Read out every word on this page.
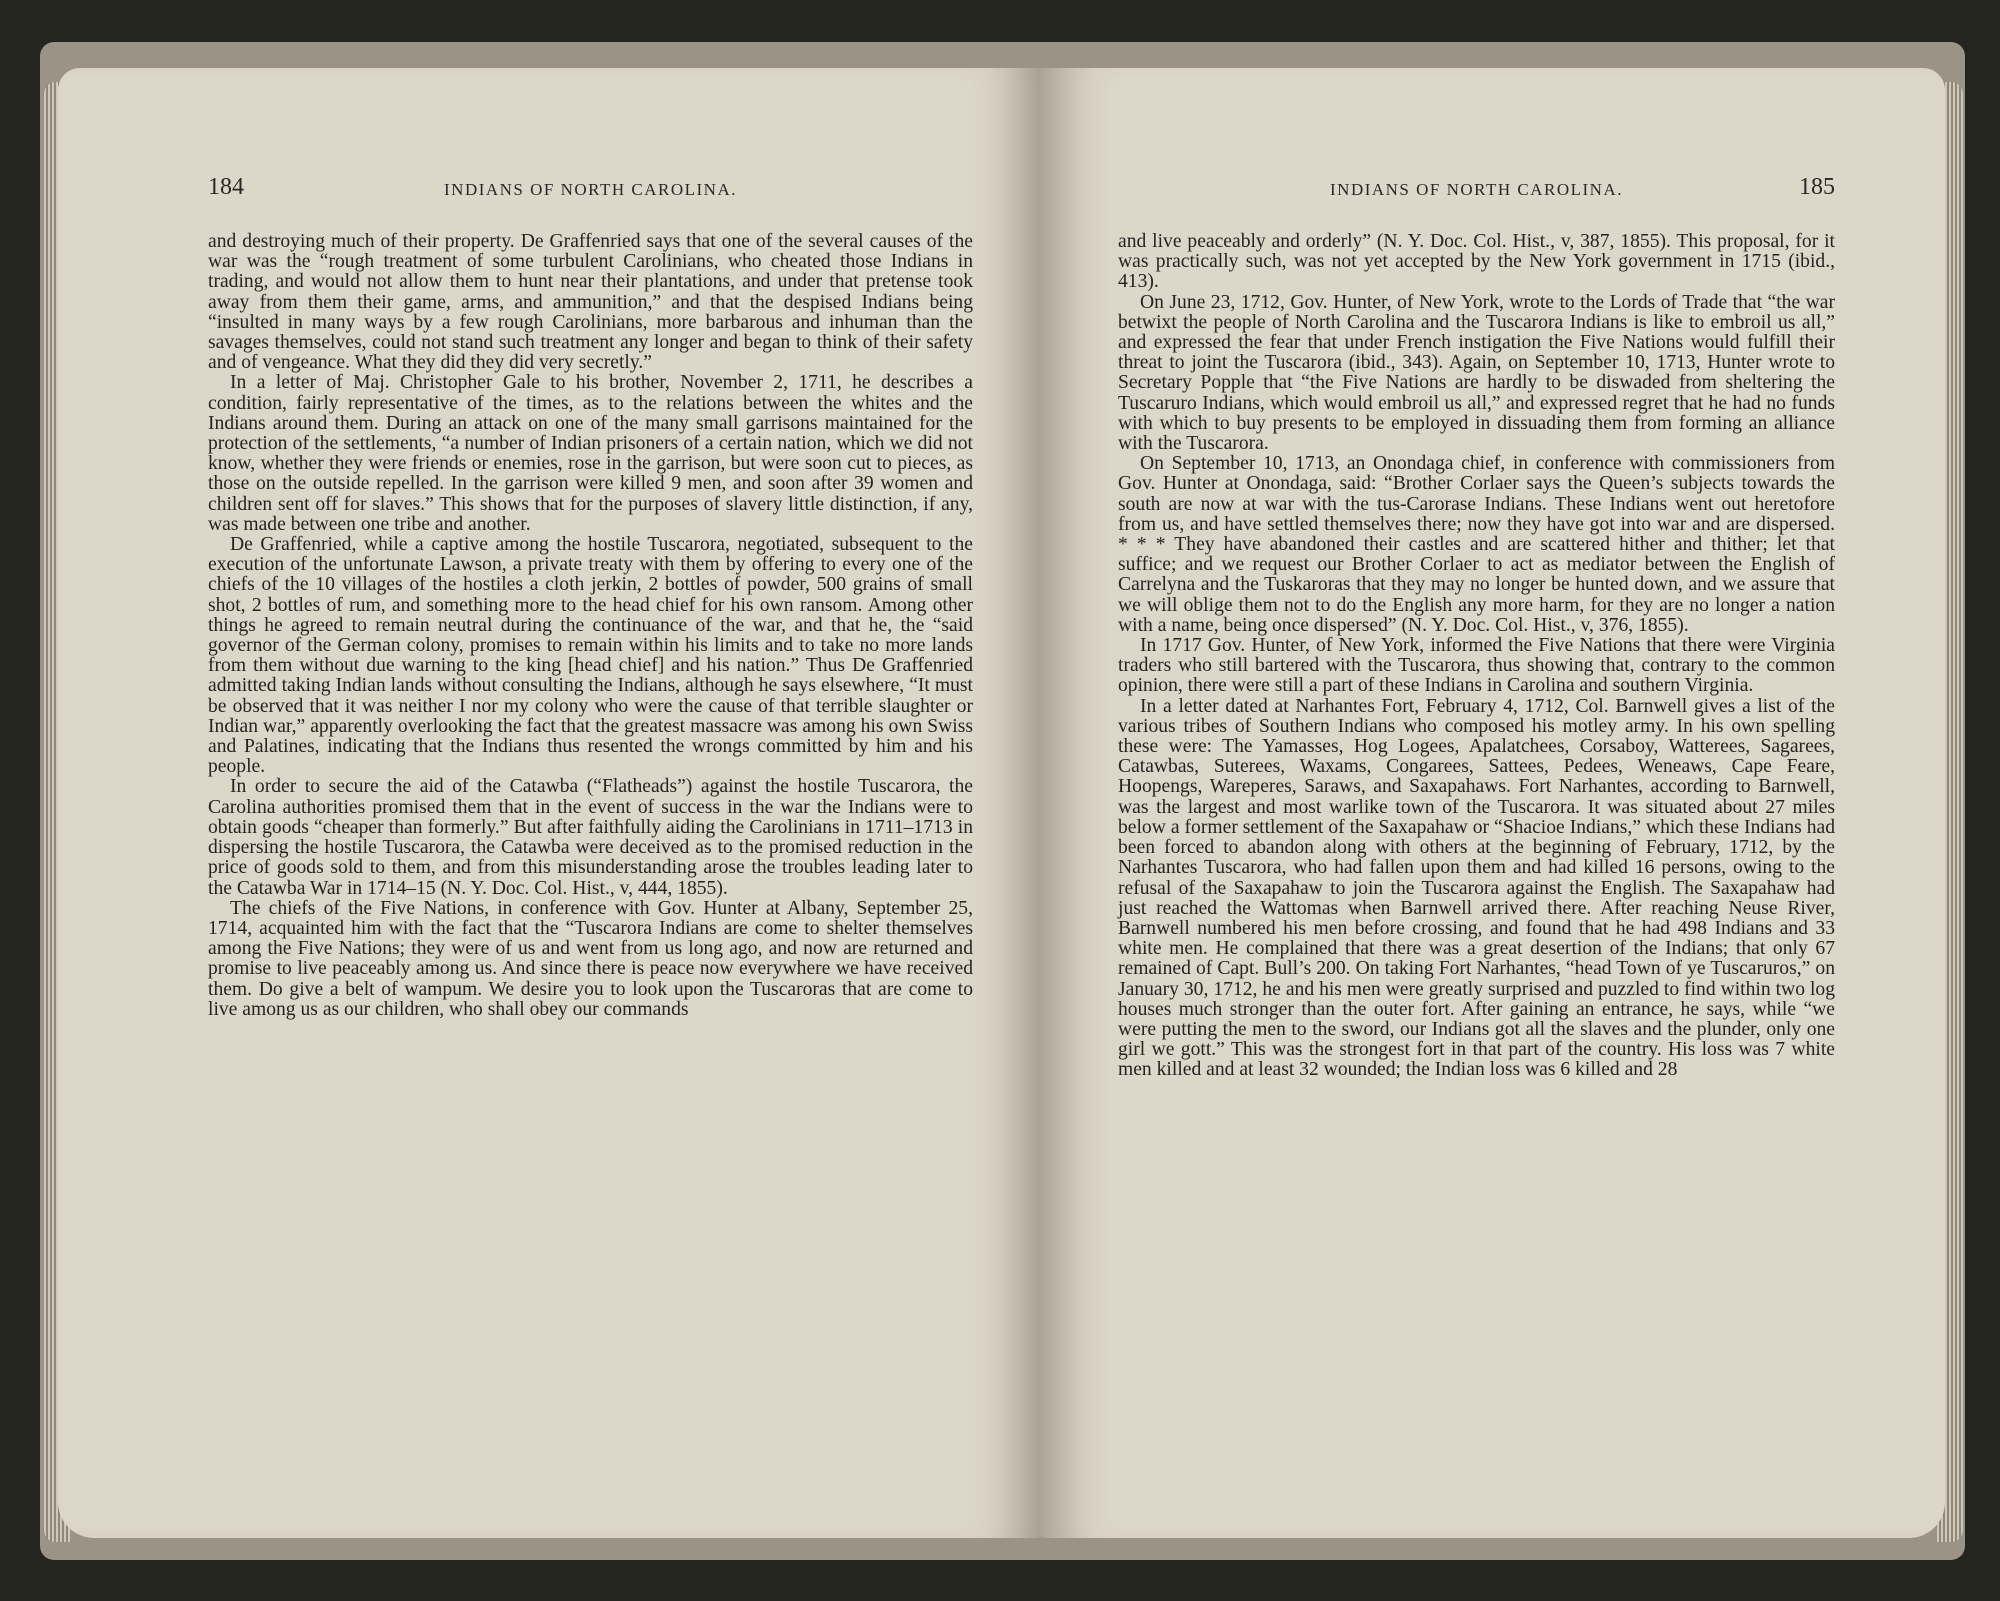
184	INDIANS OF NORTH CAROLINA.

and destroying much of their property. De Graffenried says that one of the several causes of the war was the “rough treatment of some turbulent Carolinians, who cheated those Indians in trading, and would not allow them to hunt near their plantations, and under that pretense took away from them their game, arms, and ammunition,” and that the despised Indians being “insulted in many ways by a few rough Carolinians, more barbarous and inhuman than the savages themselves, could not stand such treatment any longer and began to think of their safety and of vengeance. What they did they did very secretly.”

In a letter of Maj. Christopher Gale to his brother, November 2, 1711, he describes a condition, fairly representative of the times, as to the relations between the whites and the Indians around them. During an attack on one of the many small garrisons maintained for the protection of the settlements, “a number of Indian prisoners of a certain nation, which we did not know, whether they were friends or enemies, rose in the garrison, but were soon cut to pieces, as those on the outside repelled. In the garrison were killed 9 men, and soon after 39 women and children sent off for slaves.” This shows that for the purposes of slavery little distinction, if any, was made between one tribe and another.

De Graffenried, while a captive among the hostile Tuscarora, negotiated, subsequent to the execution of the unfortunate Lawson, a private treaty with them by offering to every one of the chiefs of the 10 villages of the hostiles a cloth jerkin, 2 bottles of powder, 500 grains of small shot, 2 bottles of rum, and something more to the head chief for his own ransom. Among other things he agreed to remain neutral during the continuance of the war, and that he, the “said governor of the German colony, promises to remain within his limits and to take no more lands from them without due warning to the king [head chief] and his nation.” Thus De Graffenried admitted taking Indian lands without consulting the Indians, although he says elsewhere, “It must be observed that it was neither I nor my colony who were the cause of that terrible slaughter or Indian war,” apparently overlooking the fact that the greatest massacre was among his own Swiss and Palatines, indicating that the Indians thus resented the wrongs committed by him and his people.

In order to secure the aid of the Catawba (“Flatheads”) against the hostile Tuscarora, the Carolina authorities promised them that in the event of success in the war the Indians were to obtain goods “cheaper than formerly.” But after faithfully aiding the Carolinians in 1711–1713 in dispersing the hostile Tuscarora, the Catawba were deceived as to the promised reduction in the price of goods sold to them, and from this misunderstanding arose the troubles leading later to the Catawba War in 1714–15 (N. Y. Doc. Col. Hist., v, 444, 1855).

The chiefs of the Five Nations, in conference with Gov. Hunter at Albany, September 25, 1714, acquainted him with the fact that the “Tuscarora Indians are come to shelter themselves among the Five Nations; they were of us and went from us long ago, and now are returned and promise to live peaceably among us. And since there is peace now everywhere we have received them. Do give a belt of wampum. We desire you to look upon the Tuscaroras that are come to live among us as our children, who shall obey our commands

INDIANS OF NORTH CAROLINA.	185

and live peaceably and orderly” (N. Y. Doc. Col. Hist., v, 387, 1855). This proposal, for it was practically such, was not yet accepted by the New York government in 1715 (ibid., 413).

On June 23, 1712, Gov. Hunter, of New York, wrote to the Lords of Trade that “the war betwixt the people of North Carolina and the Tuscarora Indians is like to embroil us all,” and expressed the fear that under French instigation the Five Nations would fulfill their threat to joint the Tuscarora (ibid., 343). Again, on September 10, 1713, Hunter wrote to Secretary Popple that “the Five Nations are hardly to be diswaded from sheltering the Tuscaruro Indians, which would embroil us all,” and expressed regret that he had no funds with which to buy presents to be employed in dissuading them from forming an alliance with the Tuscarora.

On September 10, 1713, an Onondaga chief, in conference with commissioners from Gov. Hunter at Onondaga, said: “Brother Corlaer says the Queen’s subjects towards the south are now at war with the tus-Carorase Indians. These Indians went out heretofore from us, and have settled themselves there; now they have got into war and are dispersed. * * * They have abandoned their castles and are scattered hither and thither; let that suffice; and we request our Brother Corlaer to act as mediator between the English of Carrelyna and the Tuskaroras that they may no longer be hunted down, and we assure that we will oblige them not to do the English any more harm, for they are no longer a nation with a name, being once dispersed” (N. Y. Doc. Col. Hist., v, 376, 1855).

In 1717 Gov. Hunter, of New York, informed the Five Nations that there were Virginia traders who still bartered with the Tuscarora, thus showing that, contrary to the common opinion, there were still a part of these Indians in Carolina and southern Virginia.

In a letter dated at Narhantes Fort, February 4, 1712, Col. Barnwell gives a list of the various tribes of Southern Indians who composed his motley army. In his own spelling these were: The Yamasses, Hog Logees, Apalatchees, Corsaboy, Watterees, Sagarees, Catawbas, Suterees, Waxams, Congarees, Sattees, Pedees, Weneaws, Cape Feare, Hoopengs, Wareperes, Saraws, and Saxapahaws. Fort Narhantes, according to Barnwell, was the largest and most warlike town of the Tuscarora. It was situated about 27 miles below a former settlement of the Saxapahaw or “Shacioe Indians,” which these Indians had been forced to abandon along with others at the beginning of February, 1712, by the Narhantes Tuscarora, who had fallen upon them and had killed 16 persons, owing to the refusal of the Saxapahaw to join the Tuscarora against the English. The Saxapahaw had just reached the Wattomas when Barnwell arrived there. After reaching Neuse River, Barnwell numbered his men before crossing, and found that he had 498 Indians and 33 white men. He complained that there was a great desertion of the Indians; that only 67 remained of Capt. Bull’s 200. On taking Fort Narhantes, “head Town of ye Tuscaruros,” on January 30, 1712, he and his men were greatly surprised and puzzled to find within two log houses much stronger than the outer fort. After gaining an entrance, he says, while “we were putting the men to the sword, our Indians got all the slaves and the plunder, only one girl we gott.” This was the strongest fort in that part of the country. His loss was 7 white men killed and at least 32 wounded; the Indian loss was 6 killed and 28
